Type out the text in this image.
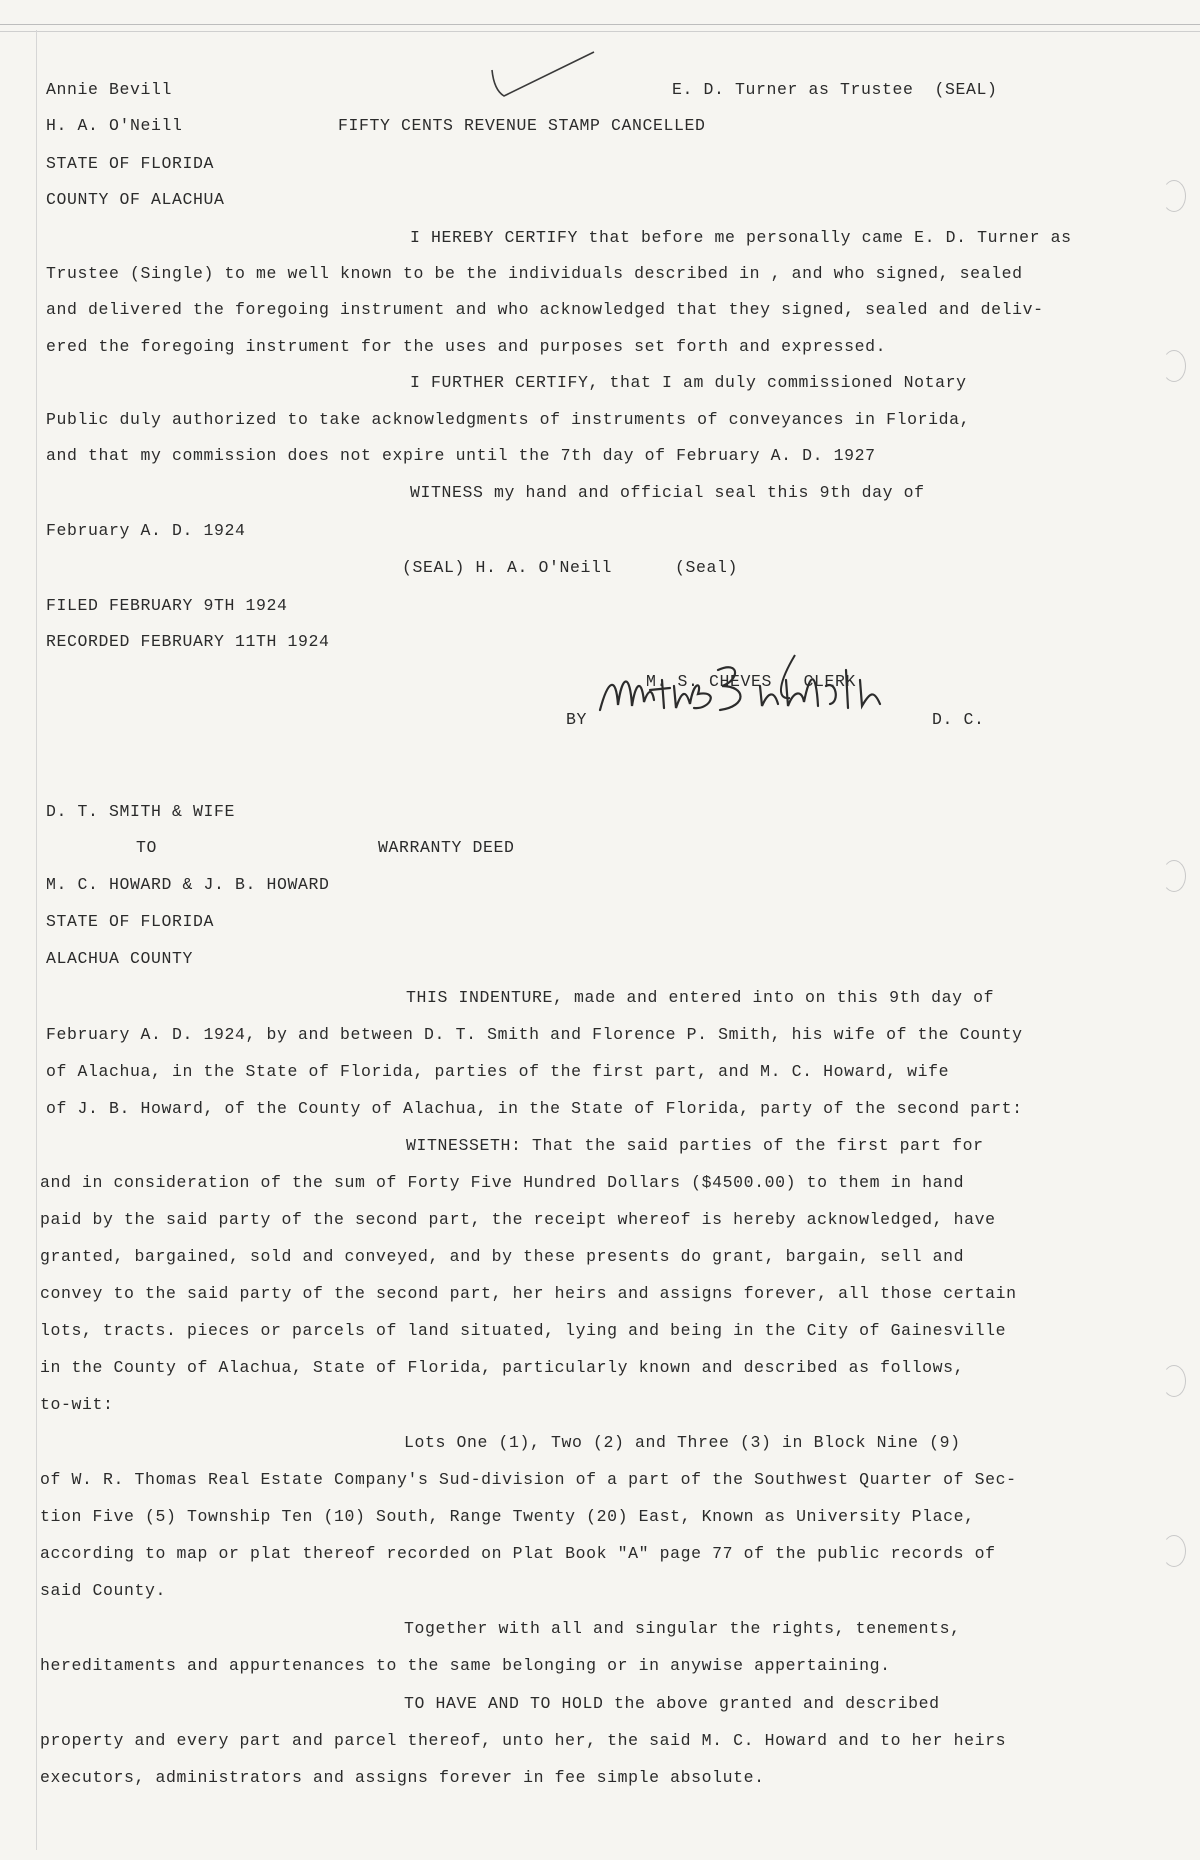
Annie Bevill	E. D. Turner as Trustee  (SEAL)
H. A. O'Neill	FIFTY CENTS REVENUE STAMP CANCELLED
STATE OF FLORIDA
COUNTY OF ALACHUA
I HEREBY CERTIFY that before me personally came E. D. Turner as
Trustee (Single) to me well known to be the individuals described in , and who signed, sealed
and delivered the foregoing instrument and who acknowledged that they signed, sealed and deliv-
ered the foregoing instrument for the uses and purposes set forth and expressed.
I FURTHER CERTIFY, that I am duly commissioned Notary
Public duly authorized to take acknowledgments of instruments of conveyances in Florida,
and that my commission does not expire until the 7th day of February A. D. 1927
WITNESS my hand and official seal this 9th day of
February A. D. 1924
(SEAL) H. A. O'Neill      (Seal)
FILED FEBRUARY 9TH 1924
RECORDED FEBRUARY 11TH 1924
M. S. CHEVES   CLERK
BY	D. C.
D. T. SMITH & WIFE
TO	WARRANTY DEED
M. C. HOWARD & J. B. HOWARD
STATE OF FLORIDA
ALACHUA COUNTY
THIS INDENTURE, made and entered into on this 9th day of
February A. D. 1924, by and between D. T. Smith and Florence P. Smith, his wife of the County
of Alachua, in the State of Florida, parties of the first part, and M. C. Howard, wife
of J. B. Howard, of the County of Alachua, in the State of Florida, party of the second part:
WITNESSETH: That the said parties of the first part for
and in consideration of the sum of Forty Five Hundred Dollars ($4500.00) to them in hand
paid by the said party of the second part, the receipt whereof is hereby acknowledged, have
granted, bargained, sold and conveyed, and by these presents do grant, bargain, sell and
convey to the said party of the second part, her heirs and assigns forever, all those certain
lots, tracts. pieces or parcels of land situated, lying and being in the City of Gainesville
in the County of Alachua, State of Florida, particularly known and described as follows,
to-wit:
Lots One (1), Two (2) and Three (3) in Block Nine (9)
of W. R. Thomas Real Estate Company's Sud-division of a part of the Southwest Quarter of Sec-
tion Five (5) Township Ten (10) South, Range Twenty (20) East, Known as University Place,
according to map or plat thereof recorded on Plat Book "A" page 77 of the public records of
said County.
Together with all and singular the rights, tenements,
hereditaments and appurtenances to the same belonging or in anywise appertaining.
TO HAVE AND TO HOLD the above granted and described
property and every part and parcel thereof, unto her, the said M. C. Howard and to her heirs
executors, administrators and assigns forever in fee simple absolute.
